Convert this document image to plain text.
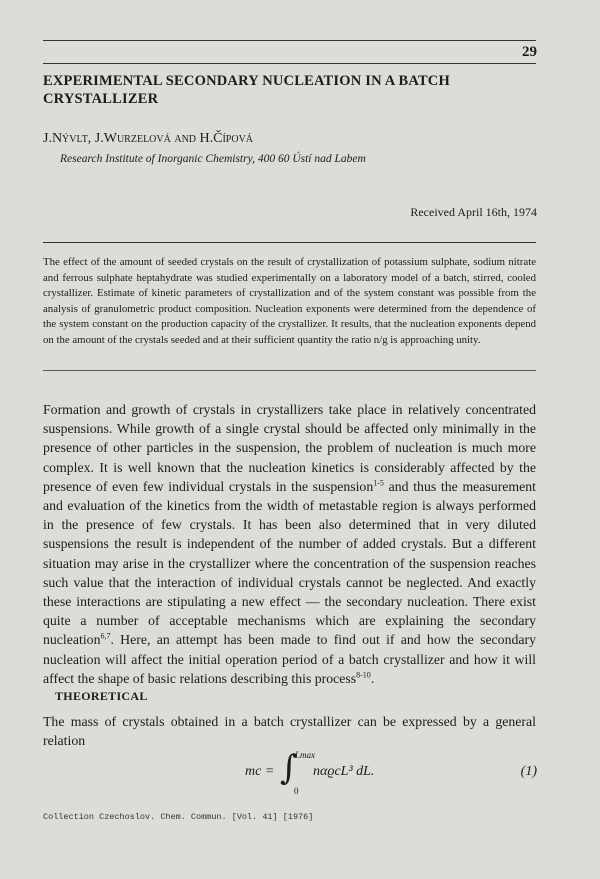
29
EXPERIMENTAL SECONDARY NUCLEATION IN A BATCH CRYSTALLIZER
J.Nývlt, J.Wurzelová and H.Čípová
Research Institute of Inorganic Chemistry, 400 60 Ústí nad Labem
Received April 16th, 1974
The effect of the amount of seeded crystals on the result of crystallization of potassium sulphate, sodium nitrate and ferrous sulphate heptahydrate was studied experimentally on a laboratory model of a batch, stirred, cooled crystallizer. Estimate of kinetic parameters of crystallization and of the system constant was possible from the analysis of granulometric product composition. Nucleation exponents were determined from the dependence of the system constant on the production capacity of the crystallizer. It results, that the nucleation exponents depend on the amount of the crystals seeded and at their sufficient quantity the ratio n/g is approaching unity.
Formation and growth of crystals in crystallizers take place in relatively concentrated suspensions. While growth of a single crystal should be affected only minimally in the presence of other particles in the suspension, the problem of nucleation is much more complex. It is well known that the nucleation kinetics is considerably affected by the presence of even few individual crystals in the suspension$^{1-5}$ and thus the measurement and evaluation of the kinetics from the width of metastable region is always performed in the presence of few crystals. It has been also determined that in very diluted suspensions the result is independent of the number of added crystals. But a different situation may arise in the crystallizer where the concentration of the suspension reaches such value that the interaction of individual crystals cannot be neglected. And exactly these interactions are stipulating a new effect — the secondary nucleation. There exist quite a number of acceptable mechanisms which are explaining the secondary nucleation$^{6,7}$. Here, an attempt has been made to find out if and how the secondary nucleation will affect the initial operation period of a batch crystallizer and how it will affect the shape of basic relations describing this process$^{8-10}$.
THEORETICAL
The mass of crystals obtained in a batch crystallizer can be expressed by a general relation
mc = ∫
Lmax
0
nαϱcL³ dL.	(1)
Collection Czechoslov. Chem. Commun. [Vol. 41] [1976]
